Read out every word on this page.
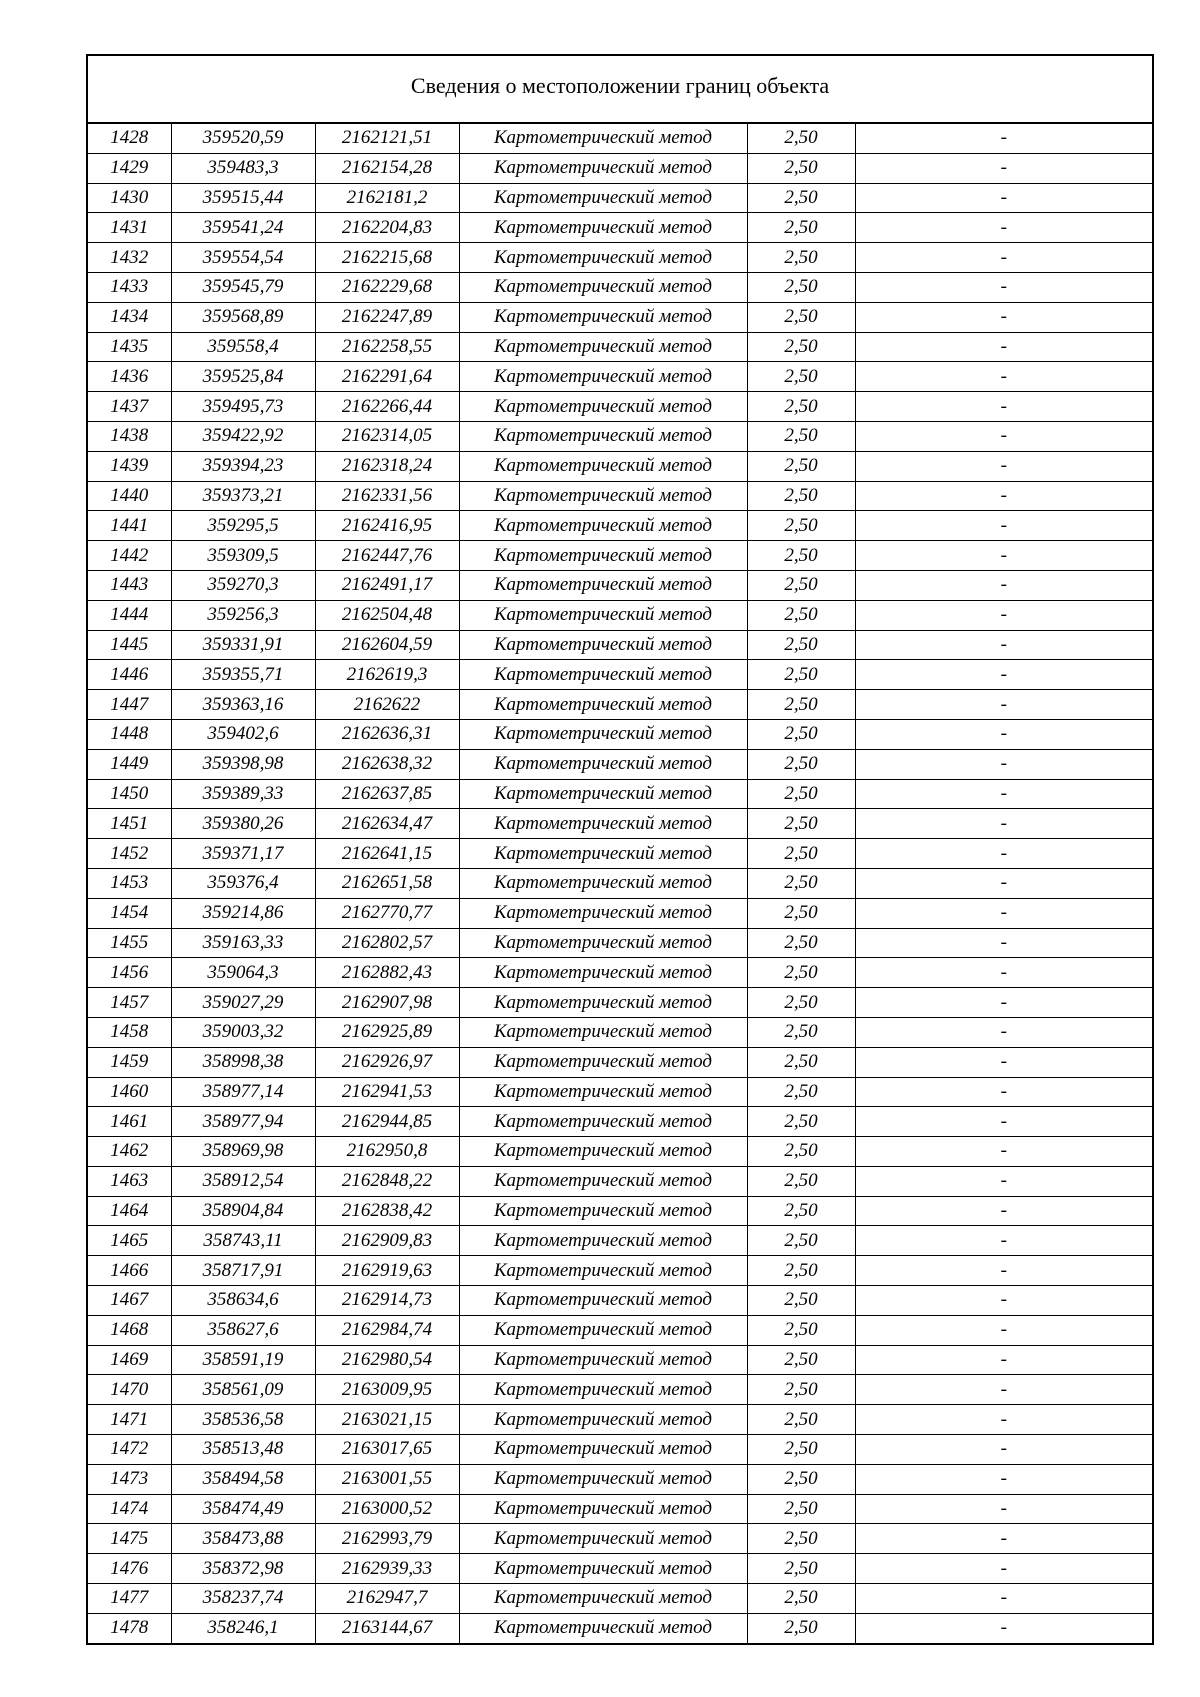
Сведения о местоположении границ объекта					
1428	359520,59	2162121,51	Картометрический метод	2,50	-
1429	359483,3	2162154,28	Картометрический метод	2,50	-
1430	359515,44	2162181,2	Картометрический метод	2,50	-
1431	359541,24	2162204,83	Картометрический метод	2,50	-
1432	359554,54	2162215,68	Картометрический метод	2,50	-
1433	359545,79	2162229,68	Картометрический метод	2,50	-
1434	359568,89	2162247,89	Картометрический метод	2,50	-
1435	359558,4	2162258,55	Картометрический метод	2,50	-
1436	359525,84	2162291,64	Картометрический метод	2,50	-
1437	359495,73	2162266,44	Картометрический метод	2,50	-
1438	359422,92	2162314,05	Картометрический метод	2,50	-
1439	359394,23	2162318,24	Картометрический метод	2,50	-
1440	359373,21	2162331,56	Картометрический метод	2,50	-
1441	359295,5	2162416,95	Картометрический метод	2,50	-
1442	359309,5	2162447,76	Картометрический метод	2,50	-
1443	359270,3	2162491,17	Картометрический метод	2,50	-
1444	359256,3	2162504,48	Картометрический метод	2,50	-
1445	359331,91	2162604,59	Картометрический метод	2,50	-
1446	359355,71	2162619,3	Картометрический метод	2,50	-
1447	359363,16	2162622	Картометрический метод	2,50	-
1448	359402,6	2162636,31	Картометрический метод	2,50	-
1449	359398,98	2162638,32	Картометрический метод	2,50	-
1450	359389,33	2162637,85	Картометрический метод	2,50	-
1451	359380,26	2162634,47	Картометрический метод	2,50	-
1452	359371,17	2162641,15	Картометрический метод	2,50	-
1453	359376,4	2162651,58	Картометрический метод	2,50	-
1454	359214,86	2162770,77	Картометрический метод	2,50	-
1455	359163,33	2162802,57	Картометрический метод	2,50	-
1456	359064,3	2162882,43	Картометрический метод	2,50	-
1457	359027,29	2162907,98	Картометрический метод	2,50	-
1458	359003,32	2162925,89	Картометрический метод	2,50	-
1459	358998,38	2162926,97	Картометрический метод	2,50	-
1460	358977,14	2162941,53	Картометрический метод	2,50	-
1461	358977,94	2162944,85	Картометрический метод	2,50	-
1462	358969,98	2162950,8	Картометрический метод	2,50	-
1463	358912,54	2162848,22	Картометрический метод	2,50	-
1464	358904,84	2162838,42	Картометрический метод	2,50	-
1465	358743,11	2162909,83	Картометрический метод	2,50	-
1466	358717,91	2162919,63	Картометрический метод	2,50	-
1467	358634,6	2162914,73	Картометрический метод	2,50	-
1468	358627,6	2162984,74	Картометрический метод	2,50	-
1469	358591,19	2162980,54	Картометрический метод	2,50	-
1470	358561,09	2163009,95	Картометрический метод	2,50	-
1471	358536,58	2163021,15	Картометрический метод	2,50	-
1472	358513,48	2163017,65	Картометрический метод	2,50	-
1473	358494,58	2163001,55	Картометрический метод	2,50	-
1474	358474,49	2163000,52	Картометрический метод	2,50	-
1475	358473,88	2162993,79	Картометрический метод	2,50	-
1476	358372,98	2162939,33	Картометрический метод	2,50	-
1477	358237,74	2162947,7	Картометрический метод	2,50	-
1478	358246,1	2163144,67	Картометрический метод	2,50	-
